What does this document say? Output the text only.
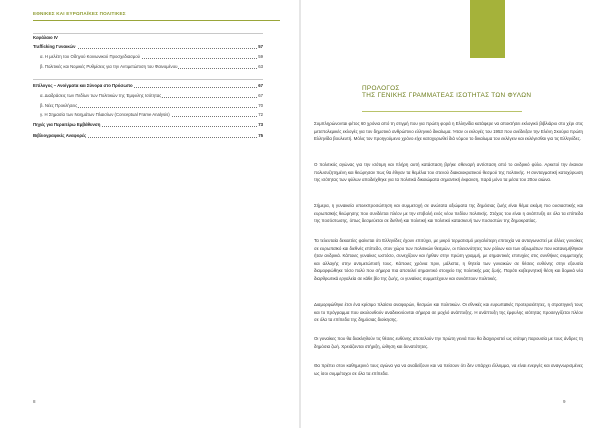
ΕΘΝΙΚΕΣ ΚΑΙ ΕΥΡΩΠΑΪΚΕΣ ΠΟΛΙΤΙΚΕΣ
Κεφάλαιο IV
Trafficking Γυναικών	57
α. Η μελέτη του Οδηγού Κοινωνικού Προσχεδιασμού	59
β. Πολιτικές και Νομικές Ρυθμίσεις για την Αντιμετώπιση του Φαινομένου	63
Επίλογος – Ανοίγματα και Σύνορα στο Πρόσωπο	67
α. Διαδράσεις των Πεδίων των Πολιτικών της Έμφυλης Ισότητας	67
β. Νέες Προκλήσεις	70
γ. Η Σημασία των Νοημάτων Πλαισίων (Conceptual Frame Analysis)	72
Πηγές για Περαιτέρω Εμβάθυνση	73
Βιβλιογραφικές Αναφορές	75
8
ΠΡΟΛΟΓΟΣ
ΤΗΣ ΓΕΝΙΚΗΣ ΓΡΑΜΜΑΤΕΑΣ ΙΣΟΤΗΤΑΣ ΤΩΝ ΦΥΛΩΝ

Συμπληρώνονται φέτος 60 χρόνια από τη στιγμή που για πρώτη φορά η Ελληνίδα κατάφερε να αποκτήσει εκλογικό βιβλιάριο στο χέρι στις μετεπολεμικές εκλογές για τον δημοτικό ανθρώπινο ελληνικό δικαίωμα. Ήταν οι εκλογές του 1953 που ανέδειξαν την Ελένη Σκούρα πρώτη Ελληνίδα βουλευτή. Μόλις τον προηγούμενο χρόνο είχε κατοχυρωθεί διά νόμου το δικαίωμα του εκλέγειν και εκλέγεσθαι για τις Ελληνίδες.

Ο πολιτικός αγώνας για την ισότιμη και πλήρη αυτή κατάσταση βρήκε σθεναρή αντίσταση από το ανδρικό φύλο. Αρκετοί την έκαναν πολυσυζητημένη και θεώρησαν πως θα έθιγαν τα θεμέλια του στενού διακαιοκρατικού θεσμού της πολιτικής. Η συνταγματική κατοχύρωση της ισότητας των φύλων αποδείχθηκε για τα πολιτικά δικαιώματα σημαντική έκφανση, παρά μόνο τα μέσα του 20ου αιώνα.

Σήμερα, η γυναικεία υποεκπροσώπηση και συμμετοχή σε ανώτατα αξιώματα της δημόσιας ζωής είναι θέμα ακόμη πιο ουσιαστικής και ευρωπαϊκής θεώρησης που συνδέεται πλέον με την επιβολή ενός νέου πεδίου πολιτικής. Στόχος του είναι η ανάπτυξη σε όλα τα επίπεδα της ποσόστωσης, όπως δεσμεύεται σε διεθνή και πολιτική και πολιτικό κατασκευή των ποσοστών της δημοκρατίας.

Τα τελευταία δεκαετίες φαίνεται ότι Ελληνίδες έχουν επιτύχει, με μικρό τερματισμό μεγαλύτερη επιτυχία να ανταγωνιστεί με άλλες γυναίκες σε ευρωπαϊκό και διεθνές επίπεδο, στον χώρο των πολιτικών θεσμών, οι πλειονότητες των ρόλων και των αξιωμάτων που κατανεμήθηκαν ήταν ανδρικά. Κάποιες γυναίκες ωστόσο, συνεχίζουν και ήρθαν στην πρώτη γραμμή, με σημαντικές επιτυχίες στις συνθήκες συμμετοχής και αλλαγής στην αντιμετώπισή τους. Κάποιες χρόνια πριν, μάλιστα, η θητεία των γυναικών σε θέσεις ευθύνης στην εξουσία διαμορφώθηκε τόσο πολύ που σήμερα πια αποτελεί σημαντικό στοιχείο της πολιτικής μας ζωής. Παρότι κυβερνητική θέση και δομικά νέα διαρθρωτικά εργαλεία σε κάθε βίο της ζωής, οι γυναίκες συμμετέχουν και συνάπτουν πολιτικές.

Διαμορφώθηκε έτσι ένα κρίσιμο πλαίσιο αναφορών, θεσμών και πολιτικών. Οι εθνικές και ευρωπαϊκές προτεραιότητες, η στρατηγική τους και το πρόγραμμα που ακολουθούν αναδεικνύονται σήμερα σε μοχλό ανάπτυξης. Η ανάπτυξη της έμφυλης ισότητας προσεγγίζεται πλέον σε όλα τα επίπεδα της δημόσιας διοίκησης.

Οι γυναίκες που θα διακληθούν τις θέσεις ευθύνης αποτελούν την πρώτη γενιά που θα διαχειριστεί ως ισότιμη παρουσία με τους άνδρες τη δημόσια ζωή. Χρειάζονται στήριξη, ώθηση και δυνατότητες.

Θα πρέπει στον καθημερινό τους αγώνα για να αναδείξουν και να πείσουν ότι δεν υπάρχει έλλειμμα, να είναι ενεργές και αναγνωρισμένες ως ίσοι συμμέτοχοι σε όλα τα επίπεδα.

9
